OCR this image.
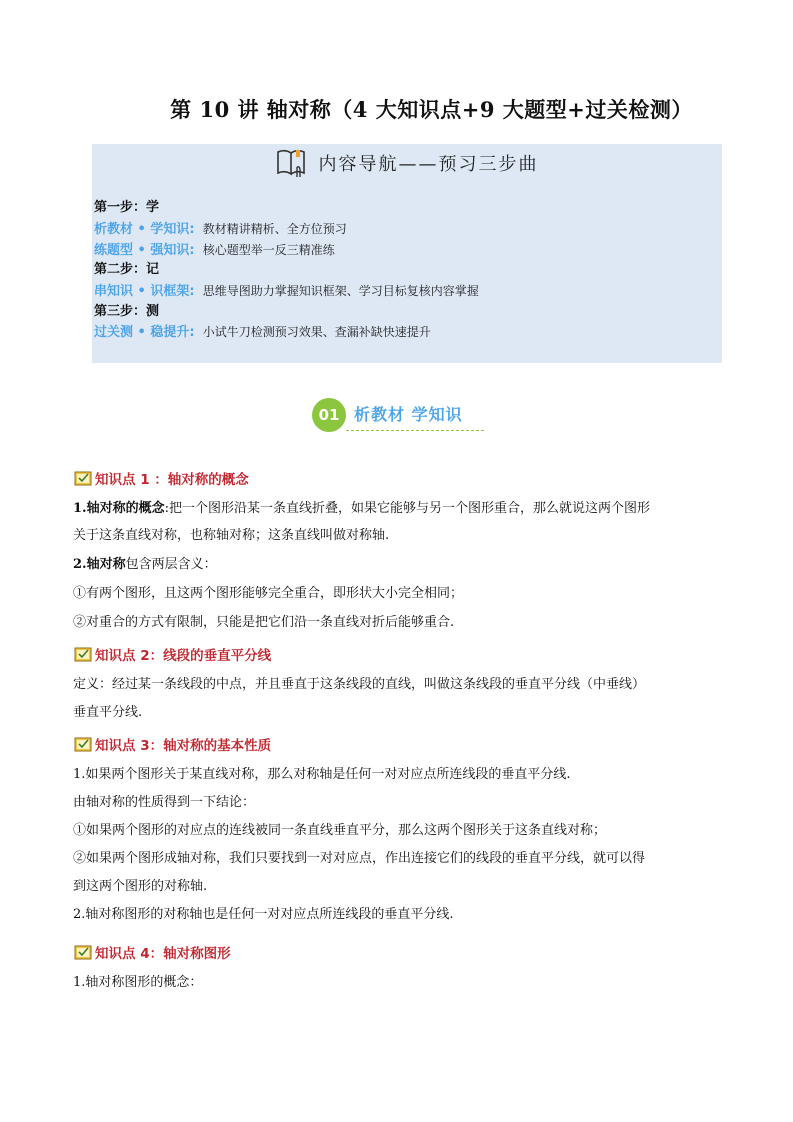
第 10 讲 轴对称（4 大知识点+9 大题型+过关检测）
内容导航——预习三步曲
第一步：学
析教材 • 学知识: 教材精讲精析、全方位预习
练题型 • 强知识: 核心题型举一反三精准练
第二步：记
串知识 • 识框架: 思维导图助力掌握知识框架、学习目标复核内容掌握
第三步：测
过关测 • 稳提升: 小试牛刀检测预习效果、查漏补缺快速提升
01 析教材 学知识
知识点 1 ：轴对称的概念
1.轴对称的概念:把一个图形沿某一条直线折叠，如果它能够与另一个图形重合，那么就说这两个图形
关于这条直线对称，也称轴对称；这条直线叫做对称轴.
2.轴对称包含两层含义：
①有两个图形，且这两个图形能够完全重合，即形状大小完全相同；
②对重合的方式有限制，只能是把它们沿一条直线对折后能够重合.
知识点 2：线段的垂直平分线
定义：经过某一条线段的中点，并且垂直于这条线段的直线，叫做这条线段的垂直平分线（中垂线）
垂直平分线.
知识点 3：轴对称的基本性质
1.如果两个图形关于某直线对称，那么对称轴是任何一对对应点所连线段的垂直平分线.
由轴对称的性质得到一下结论：
①如果两个图形的对应点的连线被同一条直线垂直平分，那么这两个图形关于这条直线对称；
②如果两个图形成轴对称，我们只要找到一对对应点，作出连接它们的线段的垂直平分线，就可以得
到这两个图形的对称轴.
2.轴对称图形的对称轴也是任何一对对应点所连线段的垂直平分线.
知识点 4：轴对称图形
1.轴对称图形的概念：
